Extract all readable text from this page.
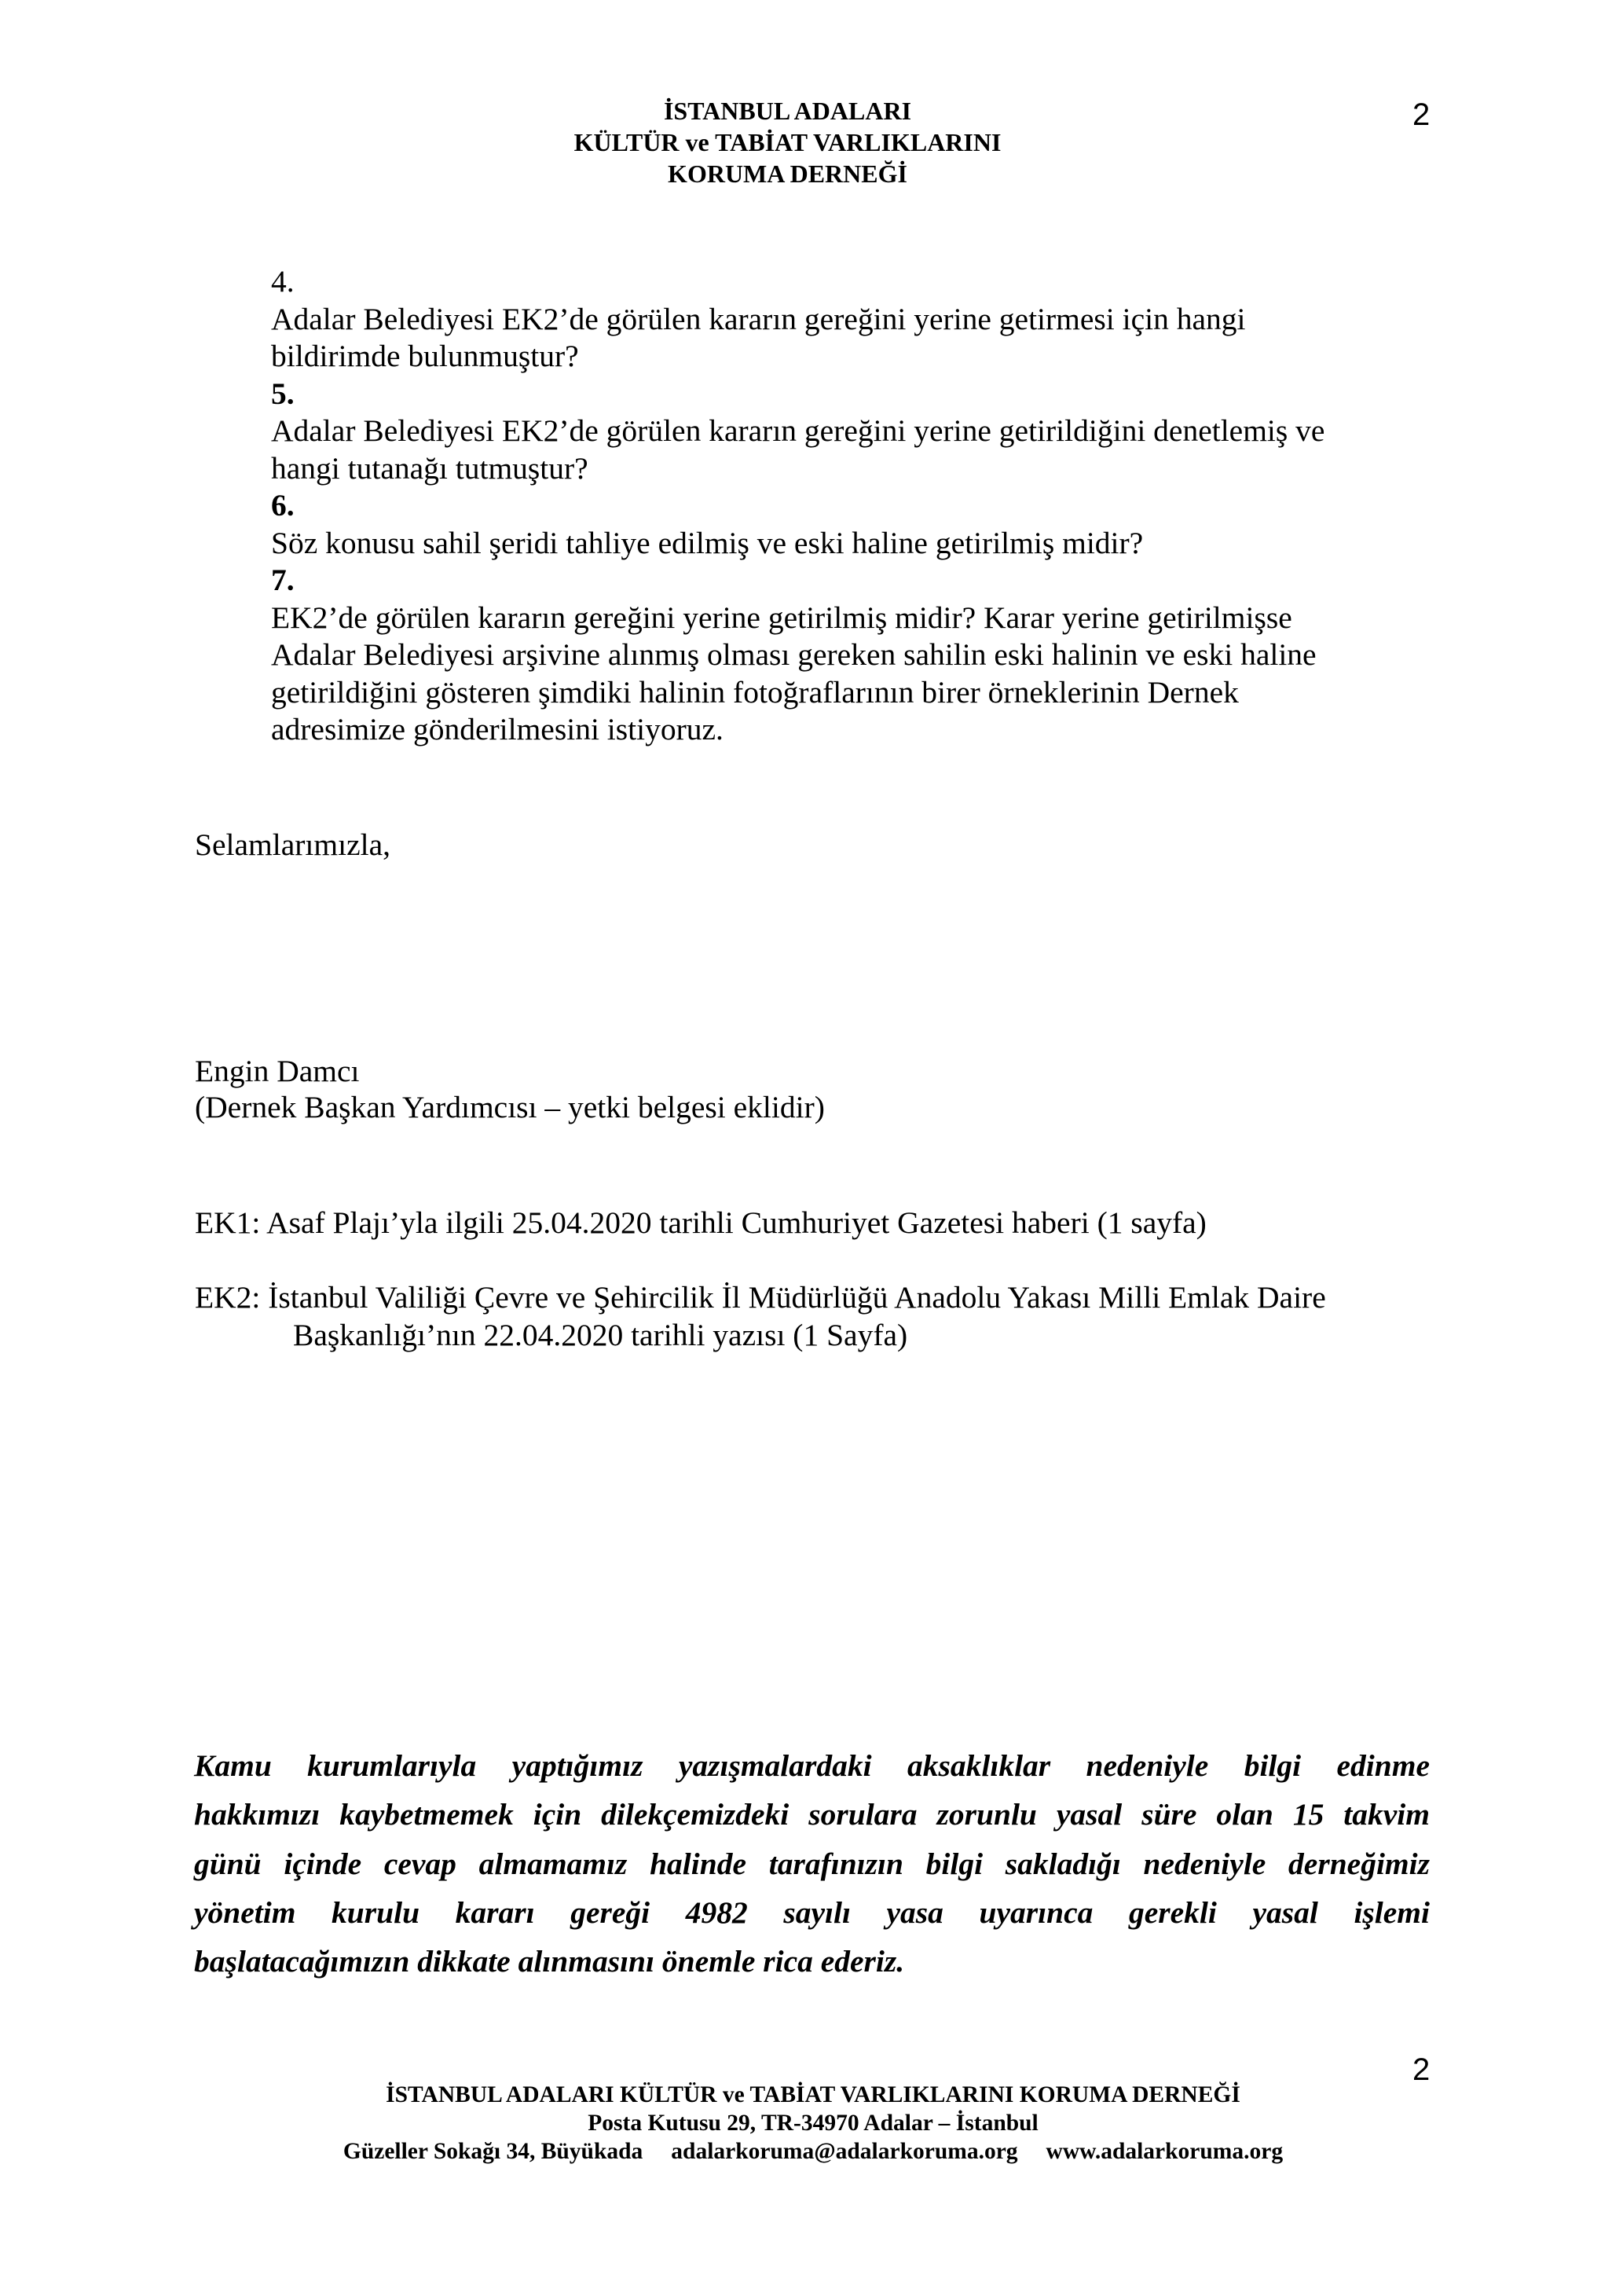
İSTANBUL ADALARI
KÜLTÜR ve TABİAT VARLIKLARINI
KORUMA DERNEĞİ
2
4.
Adalar Belediyesi EK2’de görülen kararın gereğini yerine getirmesi için hangi
bildirimde bulunmuştur?
5.
Adalar Belediyesi EK2’de görülen kararın gereğini yerine getirildiğini denetlemiş ve
hangi tutanağı tutmuştur?
6.
Söz konusu sahil şeridi tahliye edilmiş ve eski haline getirilmiş midir?
7.
EK2’de görülen kararın gereğini yerine getirilmiş midir? Karar yerine getirilmişse
Adalar Belediyesi arşivine alınmış olması gereken sahilin eski halinin ve eski haline
getirildiğini gösteren şimdiki halinin fotoğraflarının birer örneklerinin Dernek
adresimize gönderilmesini istiyoruz.
Selamlarımızla,
Engin Damcı
(Dernek Başkan Yardımcısı – yetki belgesi eklidir)
EK1: Asaf Plajı’yla ilgili 25.04.2020 tarihli Cumhuriyet Gazetesi haberi (1 sayfa)
EK2: İstanbul Valiliği Çevre ve Şehircilik İl Müdürlüğü Anadolu Yakası Milli Emlak Daire
Başkanlığı’nın 22.04.2020 tarihli yazısı (1 Sayfa)
Kamu kurumlarıyla yaptığımız yazışmalardaki aksaklıklar nedeniyle bilgi edinme
hakkımızı kaybetmemek için dilekçemizdeki sorulara zorunlu yasal süre olan 15 takvim
günü içinde cevap almamamız halinde tarafınızın bilgi sakladığı nedeniyle derneğimiz
yönetim kurulu kararı gereği 4982 sayılı yasa uyarınca gerekli yasal işlemi
başlatacağımızın dikkate alınmasını önemle rica ederiz.
2
İSTANBUL ADALARI KÜLTÜR ve TABİAT VARLIKLARINI KORUMA DERNEĞİ
Posta Kutusu 29, TR-34970 Adalar – İstanbul
Güzeller Sokağı 34, Büyükada adalarkoruma@adalarkoruma.org www.adalarkoruma.org
